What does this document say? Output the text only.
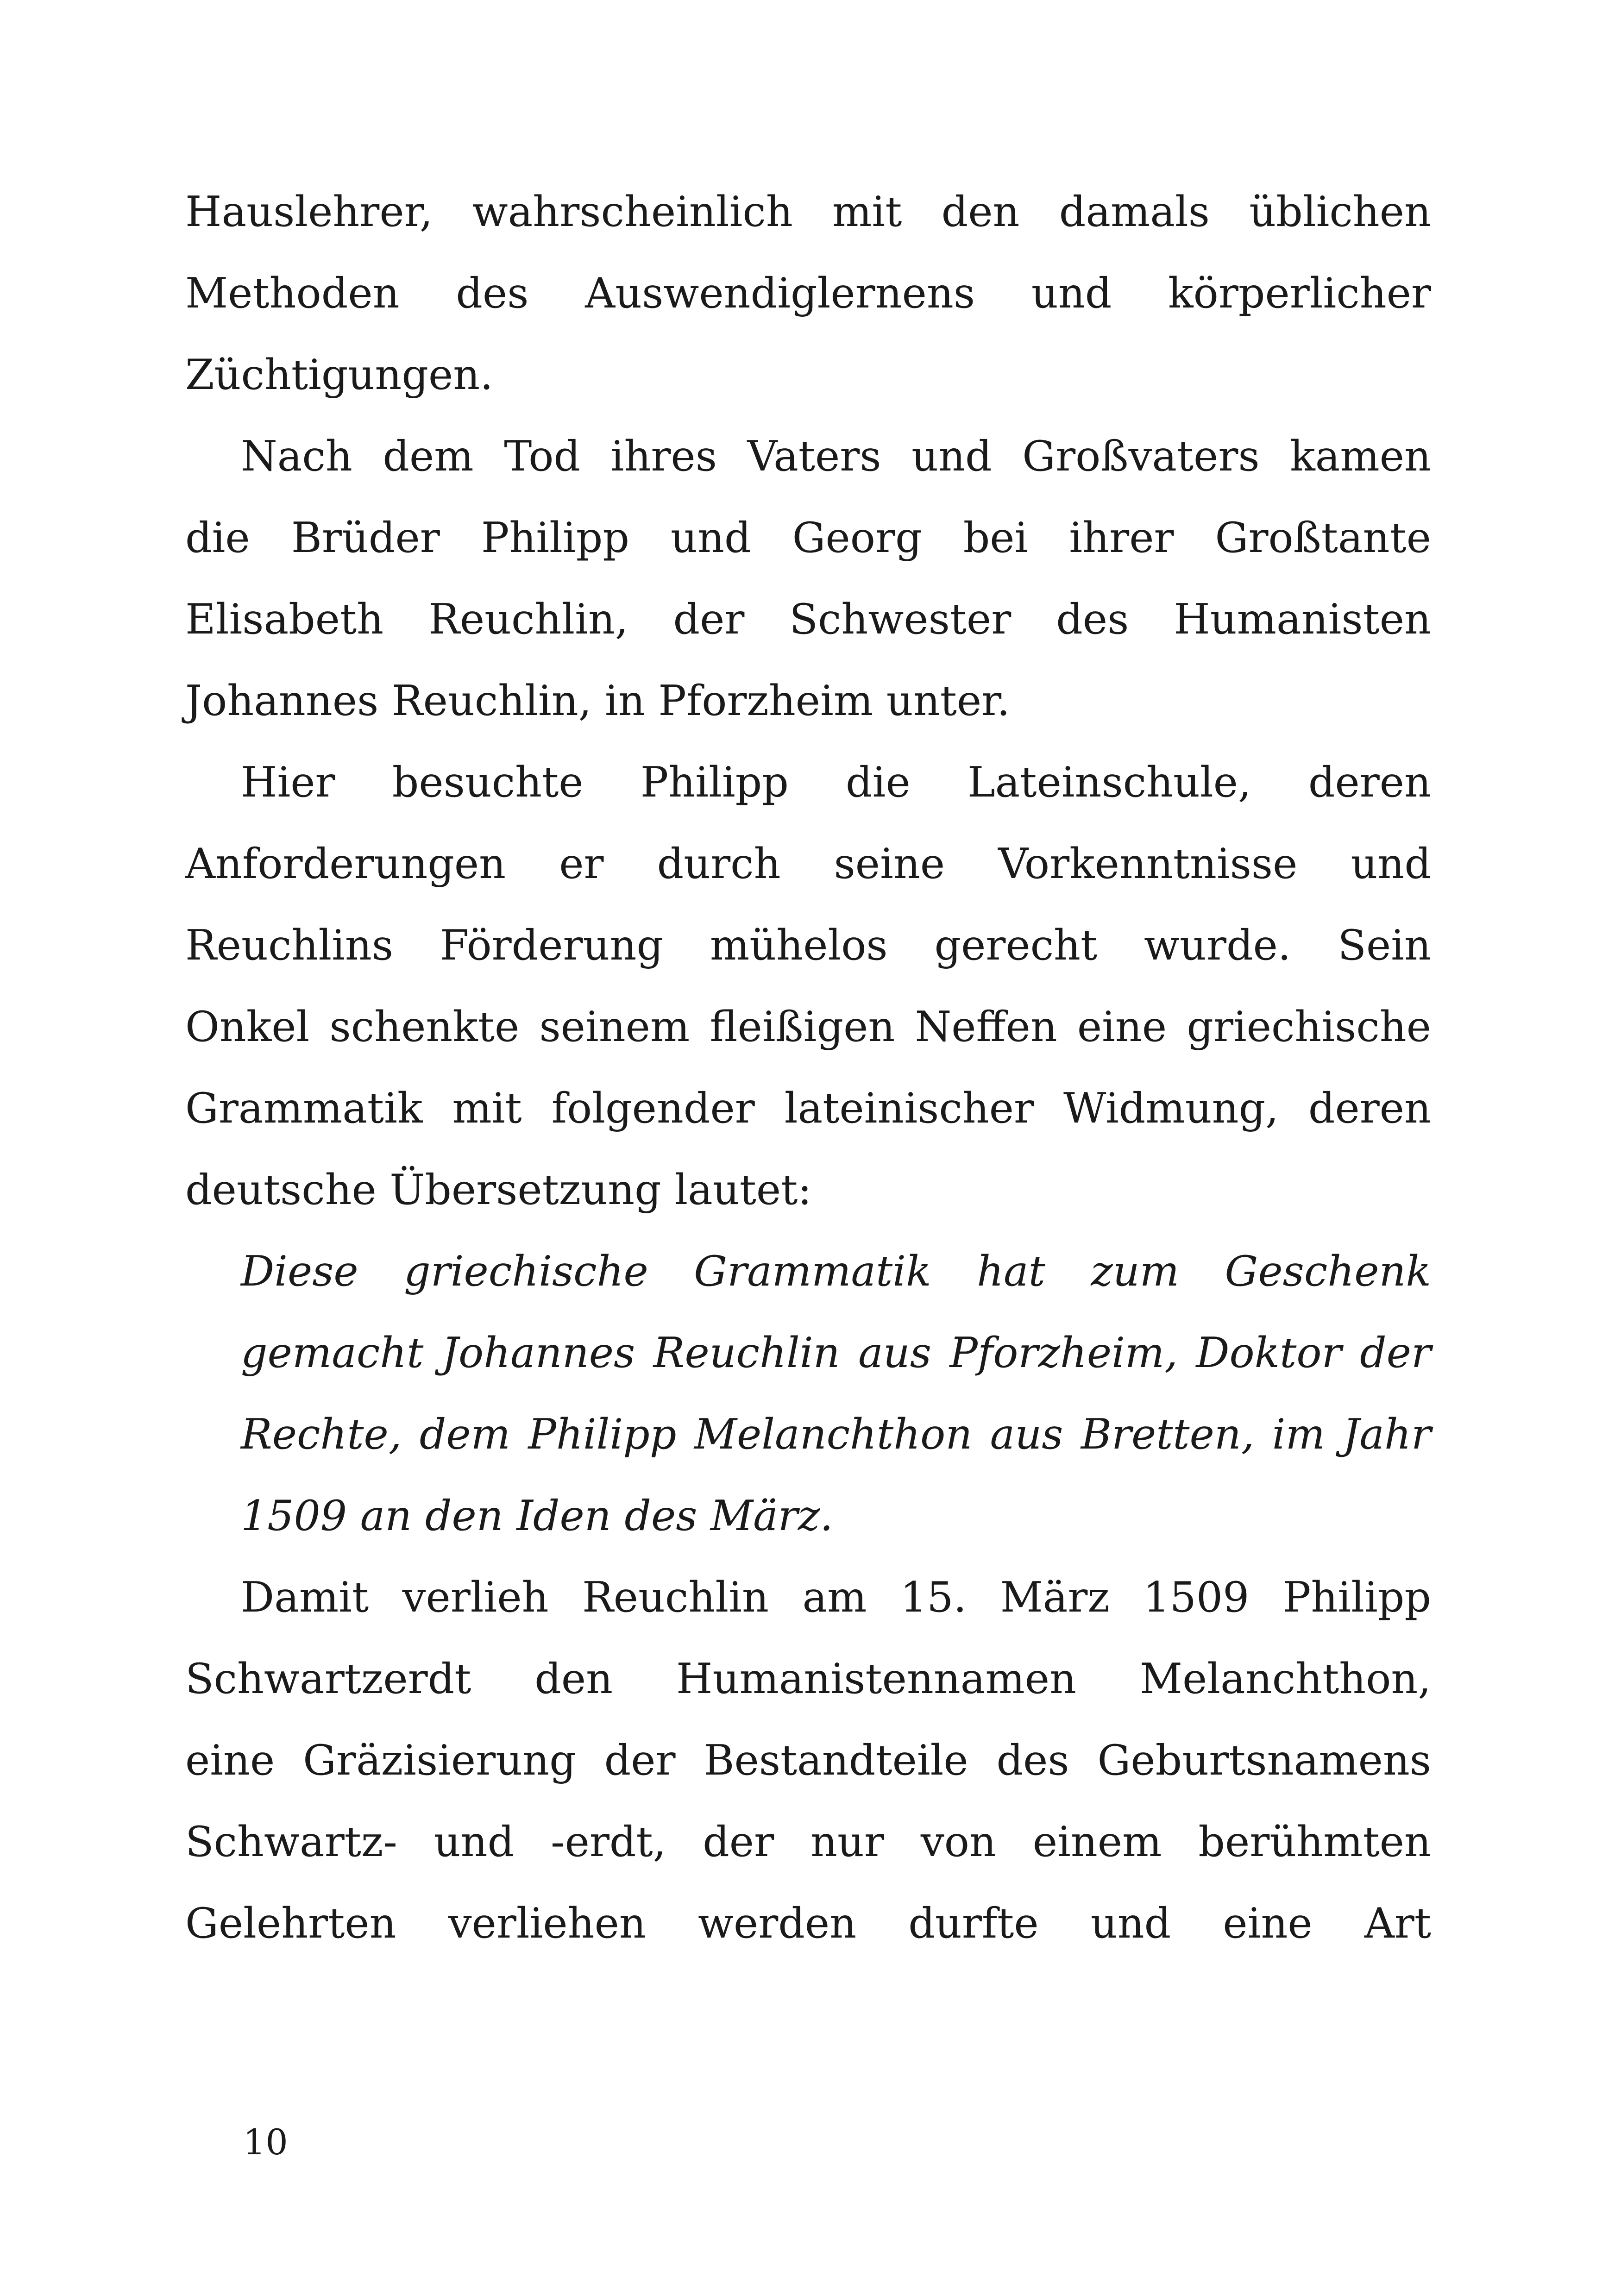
Hauslehrer, wahrscheinlich mit den damals üblichen
Methoden des Auswendiglernens und körperlicher
Züchtigungen.
Nach dem Tod ihres Vaters und Großvaters kamen
die Brüder Philipp und Georg bei ihrer Großtante
Elisabeth Reuchlin, der Schwester des Humanisten
Johannes Reuchlin, in Pforzheim unter.
Hier besuchte Philipp die Lateinschule, deren
Anforderungen er durch seine Vorkenntnisse und
Reuchlins Förderung mühelos gerecht wurde. Sein
Onkel schenkte seinem fleißigen Neffen eine griechische
Grammatik mit folgender lateinischer Widmung, deren
deutsche Übersetzung lautet:
Diese griechische Grammatik hat zum Geschenk
gemacht Johannes Reuchlin aus Pforzheim, Doktor der
Rechte, dem Philipp Melanchthon aus Bretten, im Jahr
1509 an den Iden des März.
Damit verlieh Reuchlin am 15. März 1509 Philipp
Schwartzerdt den Humanistennamen Melanchthon,
eine Gräzisierung der Bestandteile des Geburtsnamens
Schwartz- und -erdt, der nur von einem berühmten
Gelehrten verliehen werden durfte und eine Art
10
